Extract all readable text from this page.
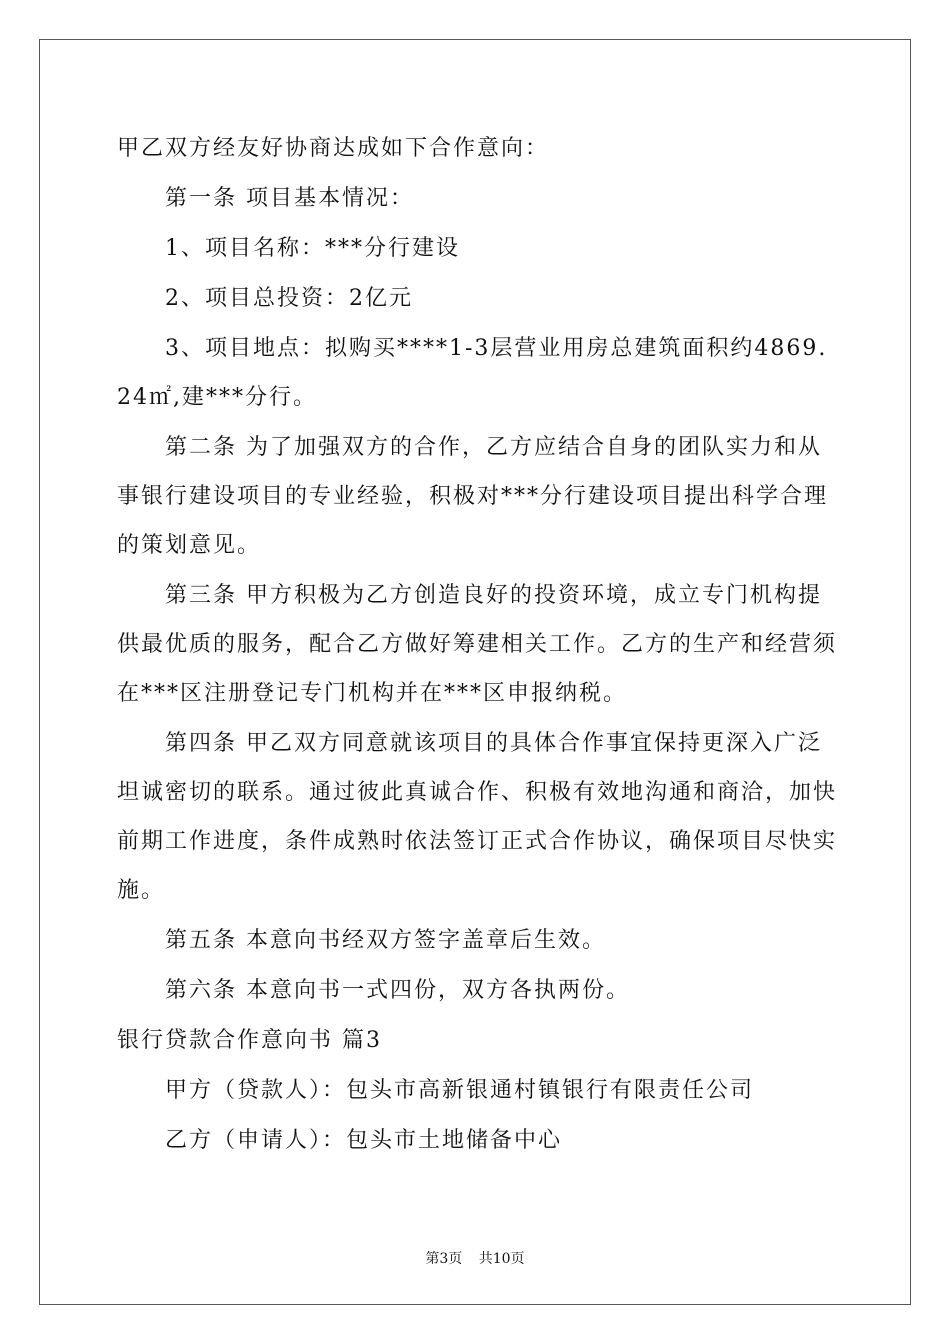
甲乙双方经友好协商达成如下合作意向：

第一条 项目基本情况：

1、项目名称：***分行建设

2、项目总投资：2亿元

3、项目地点：拟购买****1-3层营业用房总建筑面积约4869.24㎡,建***分行。

第二条 为了加强双方的合作，乙方应结合自身的团队实力和从事银行建设项目的专业经验，积极对***分行建设项目提出科学合理的策划意见。

第三条 甲方积极为乙方创造良好的投资环境，成立专门机构提供最优质的服务，配合乙方做好筹建相关工作。乙方的生产和经营须在***区注册登记专门机构并在***区申报纳税。

第四条 甲乙双方同意就该项目的具体合作事宜保持更深入广泛坦诚密切的联系。通过彼此真诚合作、积极有效地沟通和商洽，加快前期工作进度，条件成熟时依法签订正式合作协议，确保项目尽快实施。

第五条 本意向书经双方签字盖章后生效。

第六条 本意向书一式四份，双方各执两份。

银行贷款合作意向书 篇3

甲方（贷款人）：包头市高新银通村镇银行有限责任公司

乙方（申请人）：包头市土地储备中心

第3页 共10页
